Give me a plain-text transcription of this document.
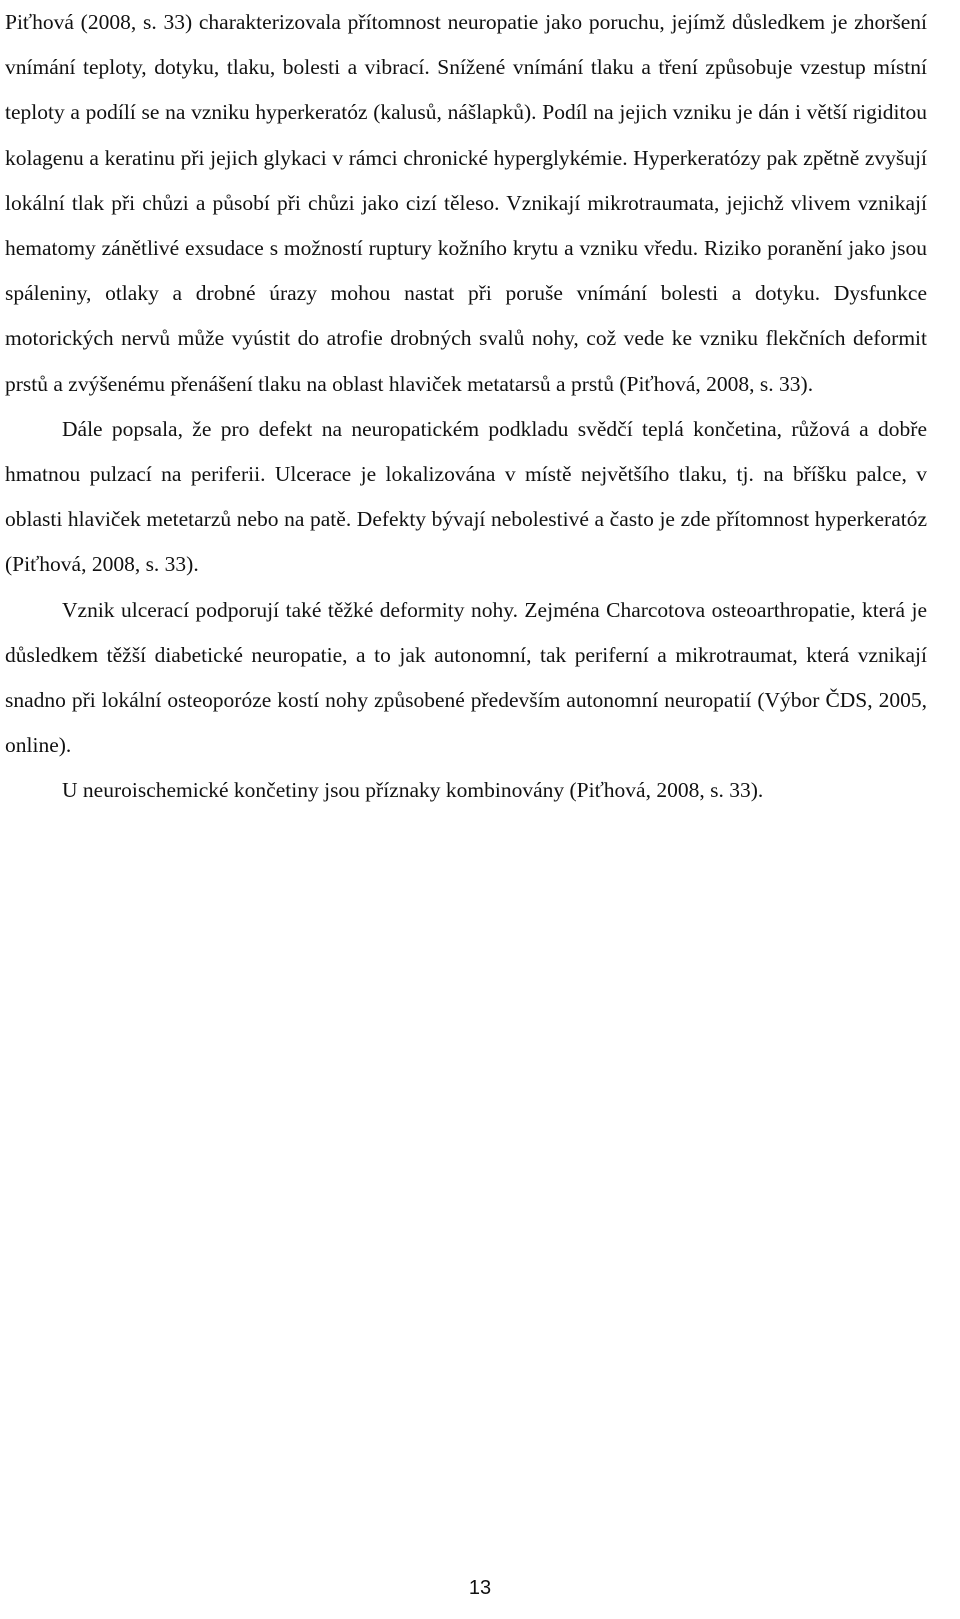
Piťhová (2008, s. 33) charakterizovala přítomnost neuropatie jako poruchu, jejímž důsledkem je zhoršení vnímání teploty, dotyku, tlaku, bolesti a vibrací. Snížené vnímání tlaku a tření způsobuje vzestup místní teploty a podílí se na vzniku hyperkeratóz (kalusů, nášlapků). Podíl na jejich vzniku je dán i větší rigiditou kolagenu a keratinu při jejich glykaci v rámci chronické hyperglykémie. Hyperkeratózy pak zpětně zvyšují lokální tlak při chůzi a působí při chůzi jako cizí těleso. Vznikají mikrotraumata, jejichž vlivem vznikají hematomy zánětlivé exsudace s možností ruptury kožního krytu a vzniku vředu. Riziko poranění jako jsou spáleniny, otlaky a drobné úrazy mohou nastat při poruše vnímání bolesti a dotyku. Dysfunkce motorických nervů může vyústit do atrofie drobných svalů nohy, což vede ke vzniku flekčních deformit prstů a zvýšenému přenášení tlaku na oblast hlaviček metatarsů a prstů (Piťhová, 2008, s. 33).

Dále popsala, že pro defekt na neuropatickém podkladu svědčí teplá končetina, růžová a dobře hmatnou pulzací na periferii. Ulcerace je lokalizována v místě největšího tlaku, tj. na bříšku palce, v oblasti hlaviček metetarzů nebo na patě. Defekty bývají nebolestivé a často je zde přítomnost hyperkeratóz (Piťhová, 2008, s. 33).

Vznik ulcerací podporují také těžké deformity nohy. Zejména Charcotova osteoarthropatie, která je důsledkem těžší diabetické neuropatie, a to jak autonomní, tak periferní a mikrotraumat, která vznikají snadno při lokální osteoporóze kostí nohy způsobené především autonomní neuropatií (Výbor ČDS, 2005, online).

U neuroischemické končetiny jsou příznaky kombinovány (Piťhová, 2008, s. 33).

13
